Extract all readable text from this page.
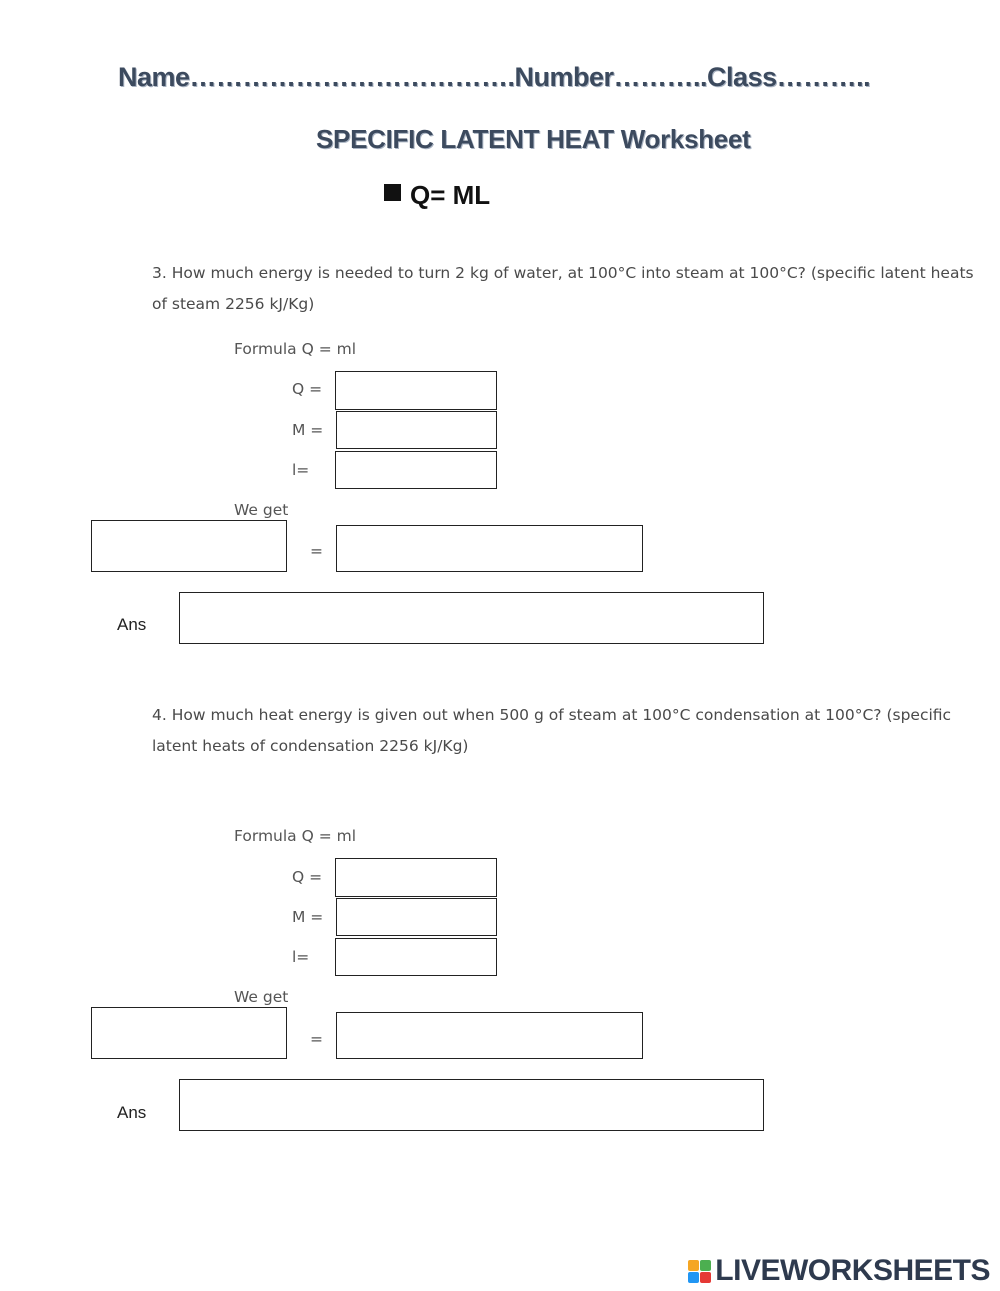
Name……………………………….Number………..Class………..
SPECIFIC LATENT HEAT Worksheet
Q= ML
3. How much energy is needed to turn 2 kg of water, at 100°C into steam at 100°C? (specific latent heats of steam 2256 kJ/Kg)
Formula Q = ml
Q =
M =
l=
We get
=
Ans
4. How much heat energy is given out when 500 g of steam at 100°C condensation at 100°C? (specific latent heats of condensation 2256 kJ/Kg)
Formula Q = ml
Q =
M =
l=
We get
=
Ans
LIVEWORKSHEETS
